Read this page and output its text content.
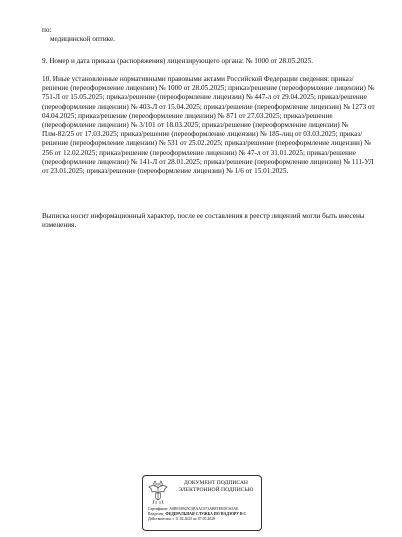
по:
медицинской оптике.
9. Номер и дата приказа (распоряжения) лицензирующего органа: № 1000 от 28.05.2025.
10. Иные установленные нормативными правовыми актами Российской Федерации сведения: приказ/решение (переоформление лицензии) № 1000 от 28.05.2025; приказ/решение (переоформление лицензии) № 751-Л от 15.05.2025; приказ/решение (переоформление лицензии) № 447-л от 29.04.2025; приказ/решение (переоформление лицензии) № 403-Л от 15.04.2025; приказ/решение (переоформление лицензии) № 1273 от 04.04.2025; приказ/решение (переоформление лицензии) № 871 от 27.03.2025; приказ/решение (переоформление лицензии) № 3/101 от 18.03.2025; приказ/решение (переоформление лицензии) № Плм-82/25 от 17.03.2025; приказ/решение (переоформление лицензии) № 185-лиц от 03.03.2025; приказ/решение (переоформление лицензии) № 531 от 25.02.2025; приказ/решение (переоформление лицензии) № 256 от 12.02.2025; приказ/решение (переоформление лицензии) № 47-л от 31.01.2025; приказ/решение (переоформление лицензии) № 141-Л от 28.01.2025; приказ/решение (переоформление лицензии) № 111-УЛ от 23.01.2025; приказ/решение (переоформление лицензии) № 1/6 от 15.01.2025.
Выписка носит информационный характер, после ее составления в реестр лицензий могли быть внесены изменения.
ДОКУМЕНТ ПОДПИСАН
ЭЛЕКТРОННОЙ ПОДПИСЬЮ
Сертификат: A0B91B925C5BAAC673AB8TEEDC6OAE
Владелец: ФЕДЕРАЛЬНАЯ СЛУЖБА ПО НАДЗОРУ В С
Действителен: с 11.02.2025 по 07.05.2026
